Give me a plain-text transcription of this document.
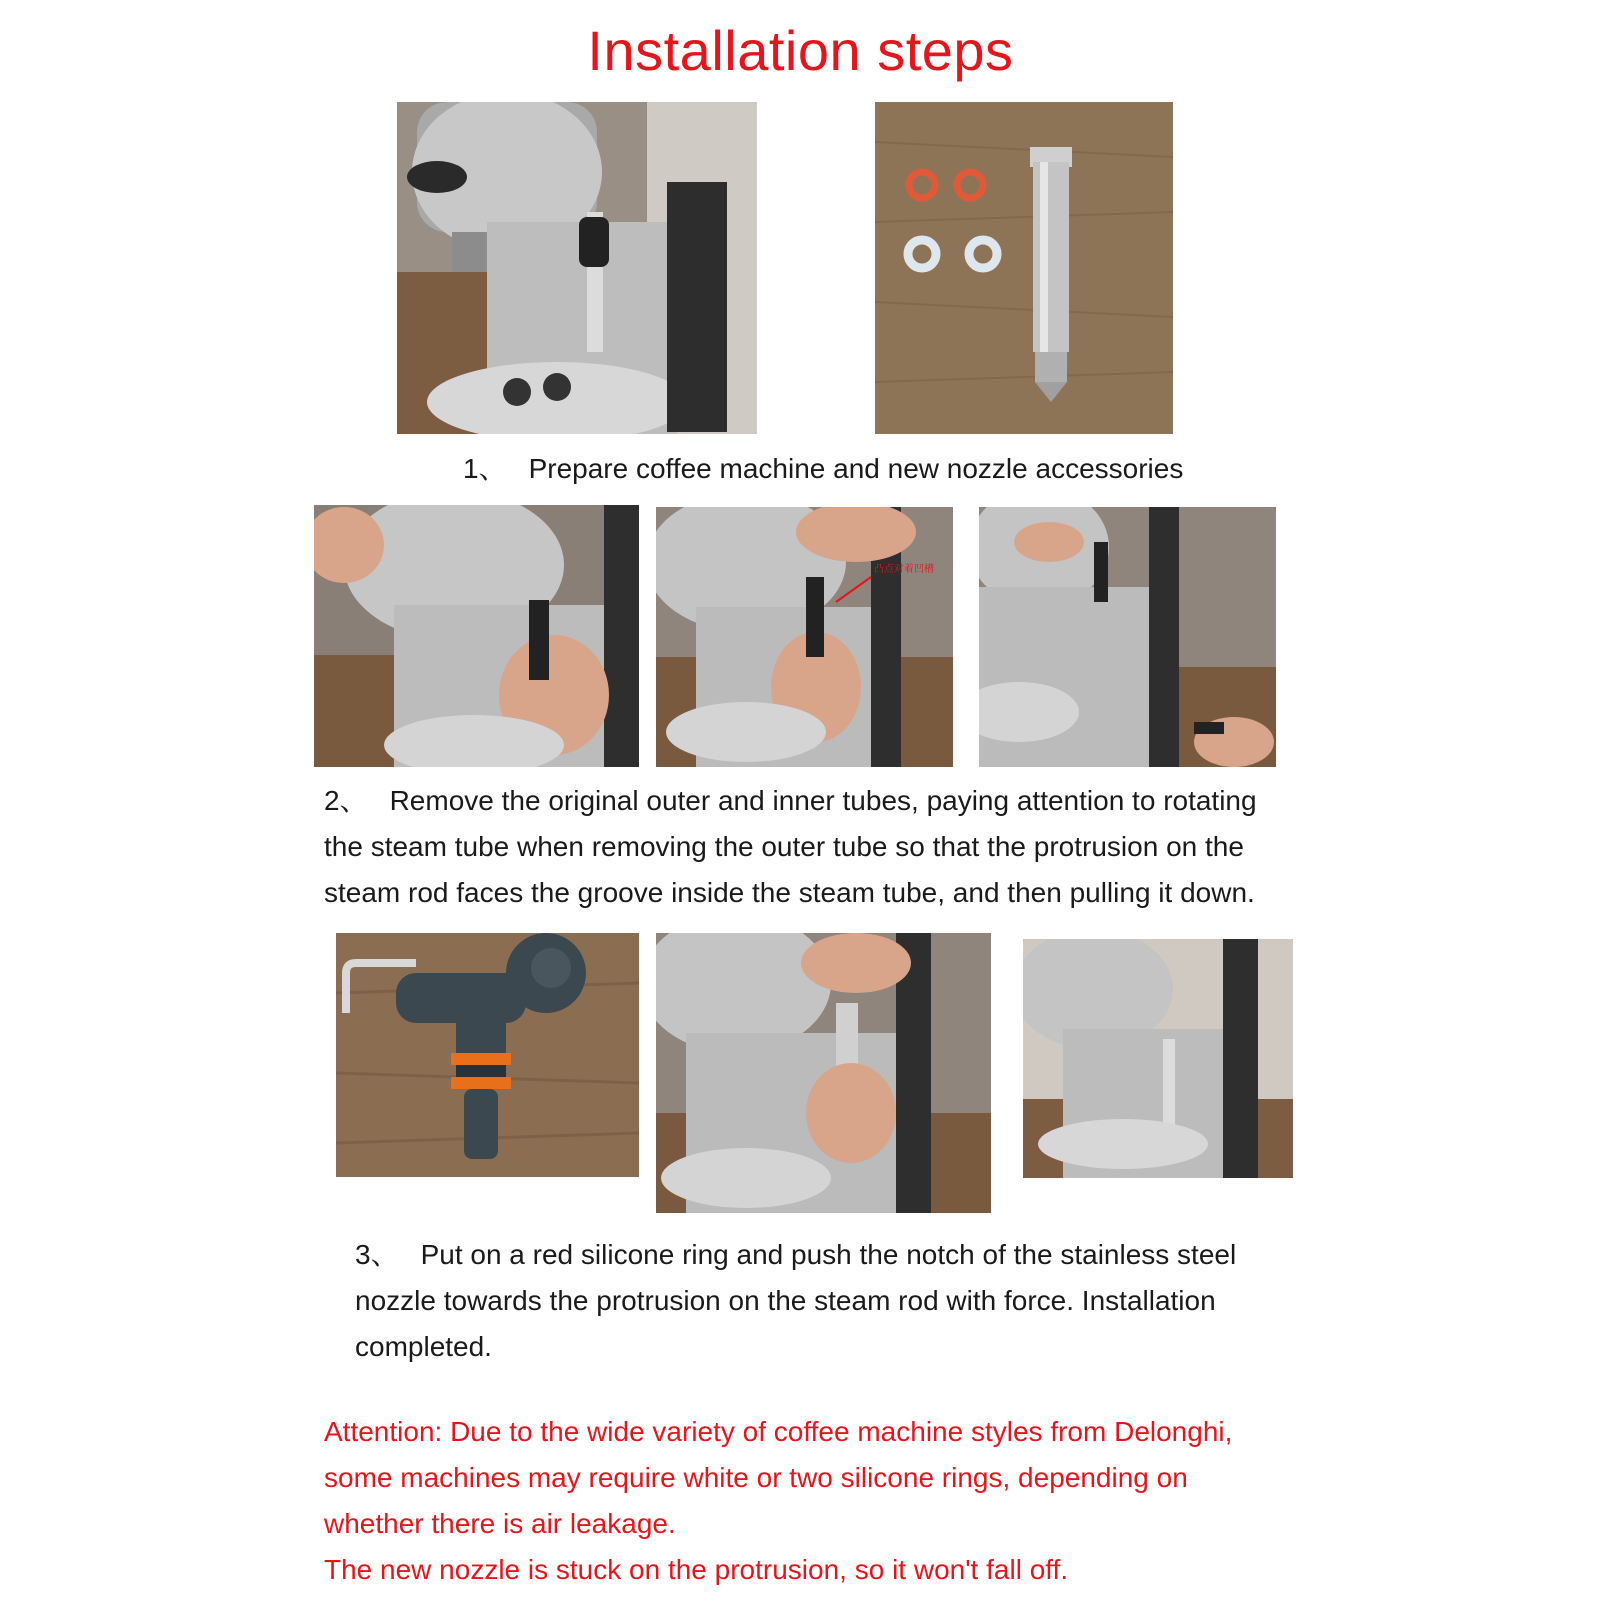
Installation steps
1、 Prepare coffee machine and new nozzle accessories
凸点对着凹槽
2、 Remove the original outer and inner tubes, paying attention to rotating
the steam tube when removing the outer tube so that the protrusion on the
steam rod faces the groove inside the steam tube, and then pulling it down.
3、 Put on a red silicone ring and push the notch of the stainless steel
nozzle towards the protrusion on the steam rod with force. Installation
completed.
Attention: Due to the wide variety of coffee machine styles from Delonghi,
some machines may require white or two silicone rings, depending on
whether there is air leakage.
The new nozzle is stuck on the protrusion, so it won't fall off.
